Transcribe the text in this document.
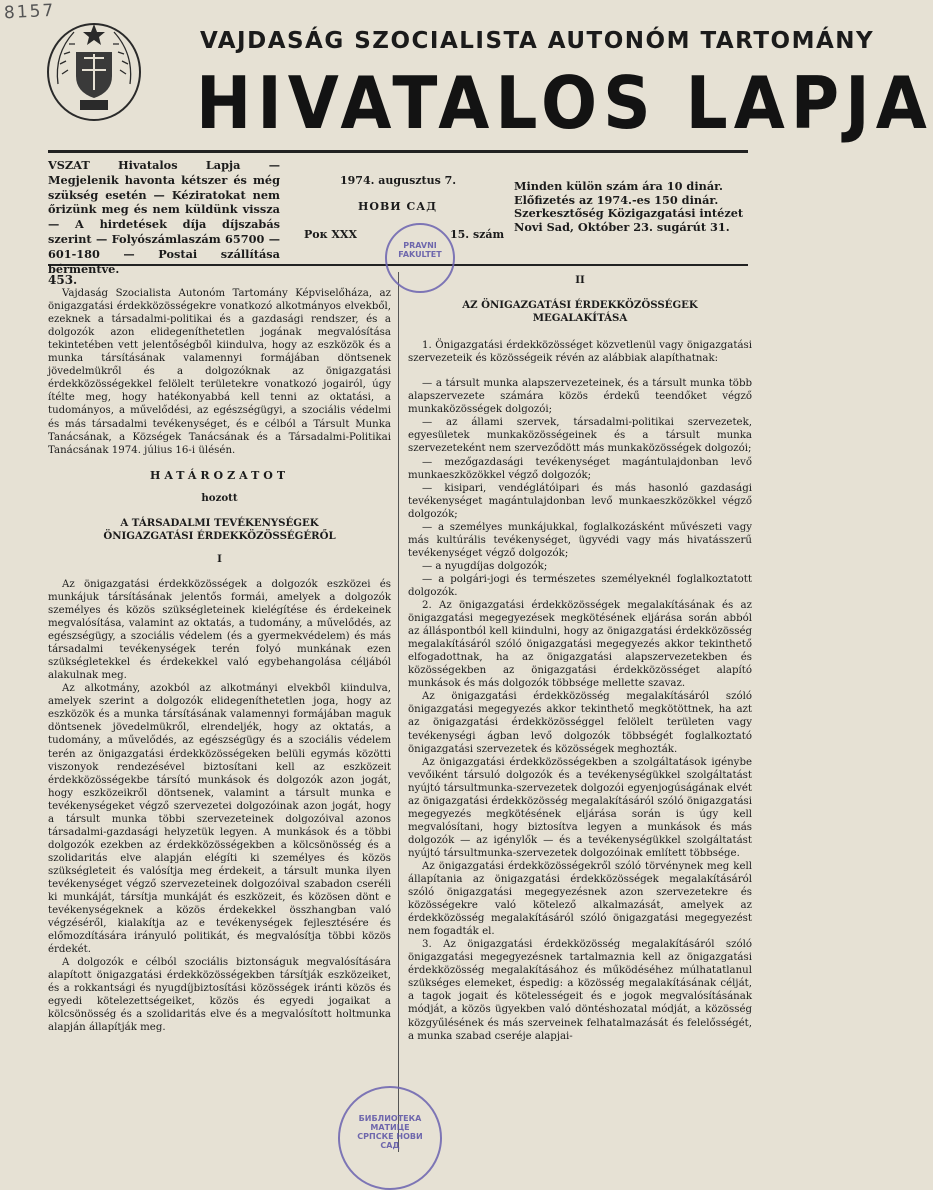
8157
VAJDASÁG SZOCIALISTA AUTONÓM TARTOMÁNY
HIVATALOS LAPJA
VSZAT Hivatalos Lapja — Megjelenik havonta kétszer és még szükség esetén — Kéziratokat nem őrizünk meg és nem küldünk vissza — A hirdetések díja díjszabás szerint — Folyószámlaszám 65700 — 601-180 — Postai szállítása bérmentve.
1974. augusztus 7.
НОВИ САД
Рок XXX	15. szám
Minden külön szám ára 10 dinár. Előfizetés az 1974.-es 150 dinár. Szerkesztőség Közigazgatási intézet Novi Sad, Október 23. sugárút 31.
PRAVNI FAKULTET

453.

Vajdaság Szocialista Autonóm Tartomány Képviselőháza, az önigazgatási érdekközösségekre vonatkozó alkotmányos elvekből, ezeknek a társadalmi-politikai és a gazdasági rendszer, és a dolgozók azon elidegeníthetetlen jogának megvalósítása tekintetében vett jelentőségből kiindulva, hogy az eszközök és a munka társításának valamennyi formájában döntsenek jövedelmükről és a dolgozóknak az önigazgatási érdekközösségekkel felölelt területekre vonatkozó jogairól, úgy ítélte meg, hogy hatékonyabbá kell tenni az oktatási, a tudományos, a művelődési, az egészségügyi, a szociális védelmi és más társadalmi tevékenységet, és e célból a Társult Munka Tanácsának, a Községek Tanácsának és a Társadalmi-Politikai Tanácsának 1974. július 16-i ülésén.

HATÁROZATOT

hozott

A TÁRSADALMI TEVÉKENYSÉGEK

ÖNIGAZGATÁSI ÉRDEKKÖZÖSSÉGÉRŐL

I

Az önigazgatási érdekközösségek a dolgozók eszközei és munkájuk társításának jelentős formái, amelyek a dolgozók személyes és közös szükségleteinek kielégítése és érdekeinek megvalósítása, valamint az oktatás, a tudomány, a művelődés, az egészségügy, a szociális védelem (és a gyermekvédelem) és más társadalmi tevékenységek terén folyó munkának ezen szükségletekkel és érdekekkel való egybehangolása céljából alakulnak meg.

Az alkotmány, azokból az alkotmányi elvekből kiindulva, amelyek szerint a dolgozók elidegeníthetetlen joga, hogy az eszközök és a munka társításának valamennyi formájában maguk döntsenek jövedelmükről, elrendeljék, hogy az oktatás, a tudomány, a művelődés, az egészségügy és a szociális védelem terén az önigazgatási érdekközösségeken belüli egymás közötti viszonyok rendezésével biztosítani kell az eszközeit érdekközösségekbe társító munkások és dolgozók azon jogát, hogy eszközeikről döntsenek, valamint a társult munka e tevékenységeket végző szervezetei dolgozóinak azon jogát, hogy a társult munka többi szervezeteinek dolgozóival azonos társadalmi-gazdasági helyzetük legyen. A munkások és a többi dolgozók ezekben az érdekközösségekben a kölcsönösség és a szolidaritás elve alapján elégíti ki személyes és közös szükségleteit és valósítja meg érdekeit, a társult munka ilyen tevékenységet végző szervezeteinek dolgozóival szabadon cseréli ki munkáját, társítja munkáját és eszközeit, és közösen dönt e tevékenységeknek a közös érdekekkel összhangban való végzéséről, kialakítja az e tevékenységek fejlesztésére és előmozdítására irányuló politikát, és megvalósítja többi közös érdekét.

A dolgozók e célból szociális biztonságuk megvalósítására alapított önigazgatási érdekközösségekben társítják eszközeiket, és a rokkantsági és nyugdíjbiztosítási közösségek iránti közös és egyedi kötelezettségeiket, közös és egyedi jogaikat a kölcsönösség és a szolidaritás elve és a megvalósított holtmunka alapján állapítják meg.

II

AZ ÖNIGAZGATÁSI ÉRDEKKÖZÖSSÉGEK

MEGALAKÍTÁSA

1. Önigazgatási érdekközösséget közvetlenül vagy önigazgatási szervezeteik és közösségeik révén az alábbiak alapíthatnak:

— a társult munka alapszervezeteinek, és a társult munka több alapszervezete számára közös érdekű teendőket végző munkaközösségek dolgozói;

— az állami szervek, társadalmi-politikai szervezetek, egyesületek munkaközösségeinek és a társult munka szervezeteként nem szerveződött más munkaközösségek dolgozói;

— mezőgazdasági tevékenységet magántulajdonban levő munkaeszközökkel végző dolgozók;

— kisipari, vendéglátóipari és más hasonló gazdasági tevékenységet magántulajdonban levő munkaeszközökkel végző dolgozók;

— a személyes munkájukkal, foglalkozásként művészeti vagy más kultúrális tevékenységet, ügyvédi vagy más hivatásszerű tevékenységet végző dolgozók;

— a nyugdíjas dolgozók;

— a polgári-jogi és természetes személyeknél foglalkoztatott dolgozók.

2. Az önigazgatási érdekközösségek megalakításának és az önigazgatási megegyezések megkötésének eljárása során abból az álláspontból kell kiindulni, hogy az önigazgatási érdekközösség megalakításáról szóló önigazgatási megegyezés akkor tekinthető elfogadottnak, ha az önigazgatási alapszervezetekben és közösségekben az önigazgatási érdekközösséget alapító munkások és más dolgozók többsége mellette szavaz.

Az önigazgatási érdekközösség megalakításáról szóló önigazgatási megegyezés akkor tekinthető megkötöttnek, ha azt az önigazgatási érdekközösséggel felölelt területen vagy tevékenységi ágban levő dolgozók többségét foglalkoztató önigazgatási szervezetek és közösségek meghozták.

Az önigazgatási érdekközösségekben a szolgáltatások igénybe vevőiként társuló dolgozók és a tevékenységükkel szolgáltatást nyújtó társultmunka-szervezetek dolgozói egyenjogúságának elvét az önigazgatási érdekközösség megalakításáról szóló önigazgatási megegyezés megkötésének eljárása során is úgy kell megvalósítani, hogy biztosítva legyen a munkások és más dolgozók — az igénylők — és a tevékenységükkel szolgáltatást nyújtó társultmunka-szervezetek dolgozóinak említett többsége.

Az önigazgatási érdekközösségekről szóló törvénynek meg kell állapítania az önigazgatási érdekközösségek megalakításáról szóló önigazgatási megegyezésnek azon szervezetekre és közösségekre való kötelező alkalmazását, amelyek az érdekközösség megalakításáról szóló önigazgatási megegyezést nem fogadták el.

3. Az önigazgatási érdekközösség megalakításáról szóló önigazgatási megegyezésnek tartalmaznia kell az önigazgatási érdekközösség megalakításához és működéséhez múlhatatlanul szükséges elemeket, éspedig: a közösség megalakításának célját, a tagok jogait és kötelességeit és e jogok megvalósításának módját, a közös ügyekben való döntéshozatal módját, a közösség közgyűlésének és más szerveinek felhatalmazását és felelősségét, a munka szabad cseréje alapjai-

БИБЛИОТЕКА МАТИЦЕ СРПСКЕ НОВИ САД
